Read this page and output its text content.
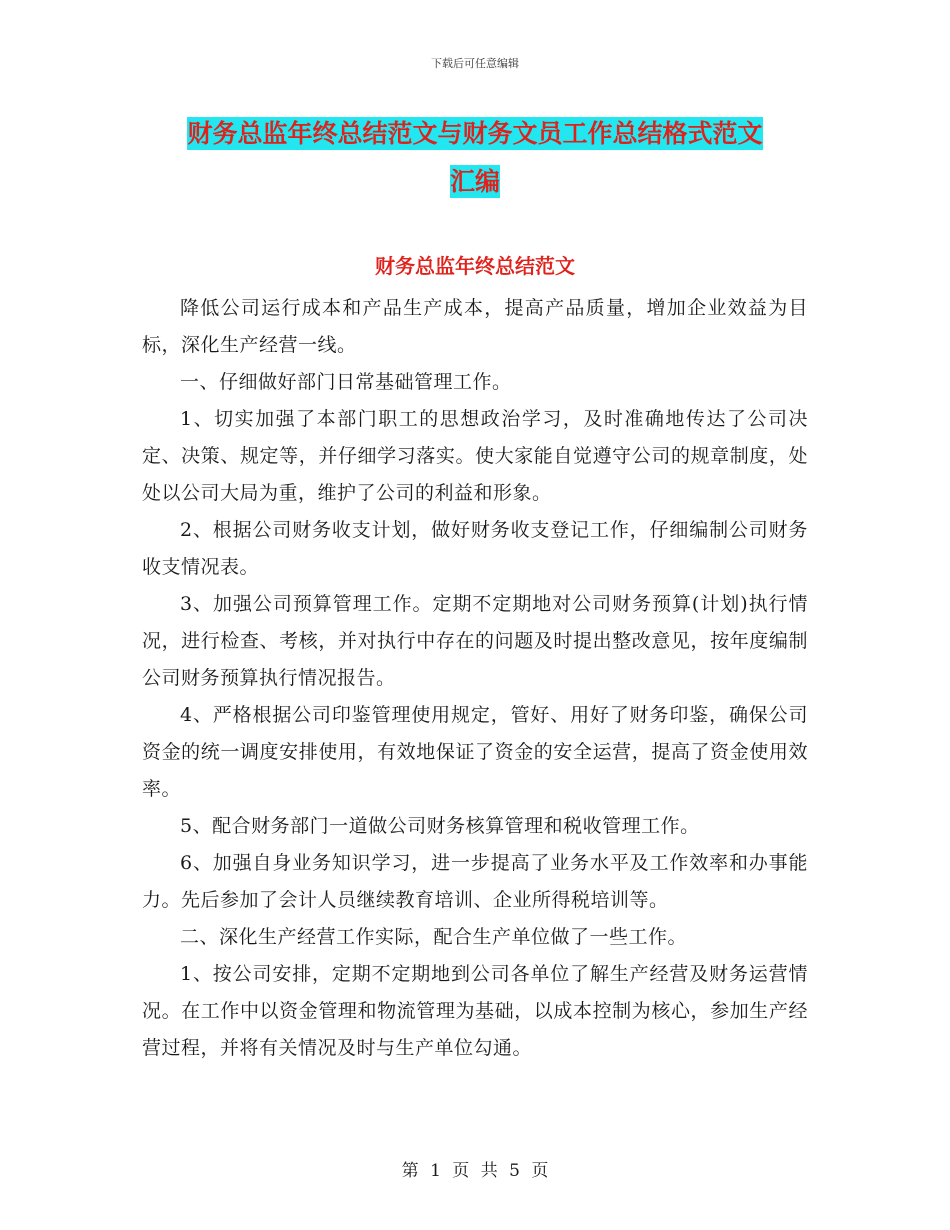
下载后可任意编辑
财务总监年终总结范文与财务文员工作总结格式范文
汇编
财务总监年终总结范文

降低公司运行成本和产品生产成本，提高产品质量，增加企业效益为目标，深化生产经营一线。

一、仔细做好部门日常基础管理工作。

1、切实加强了本部门职工的思想政治学习，及时准确地传达了公司决定、决策、规定等，并仔细学习落实。使大家能自觉遵守公司的规章制度，处处以公司大局为重，维护了公司的利益和形象。

2、根据公司财务收支计划，做好财务收支登记工作，仔细编制公司财务收支情况表。

3、加强公司预算管理工作。定期不定期地对公司财务预算(计划)执行情况，进行检查、考核，并对执行中存在的问题及时提出整改意见，按年度编制公司财务预算执行情况报告。

4、严格根据公司印鉴管理使用规定，管好、用好了财务印鉴，确保公司资金的统一调度安排使用，有效地保证了资金的安全运营，提高了资金使用效率。

5、配合财务部门一道做公司财务核算管理和税收管理工作。

6、加强自身业务知识学习，进一步提高了业务水平及工作效率和办事能力。先后参加了会计人员继续教育培训、企业所得税培训等。

二、深化生产经营工作实际，配合生产单位做了一些工作。

1、按公司安排，定期不定期地到公司各单位了解生产经营及财务运营情况。在工作中以资金管理和物流管理为基础，以成本控制为核心，参加生产经营过程，并将有关情况及时与生产单位勾通。

第 1 页 共 5 页
